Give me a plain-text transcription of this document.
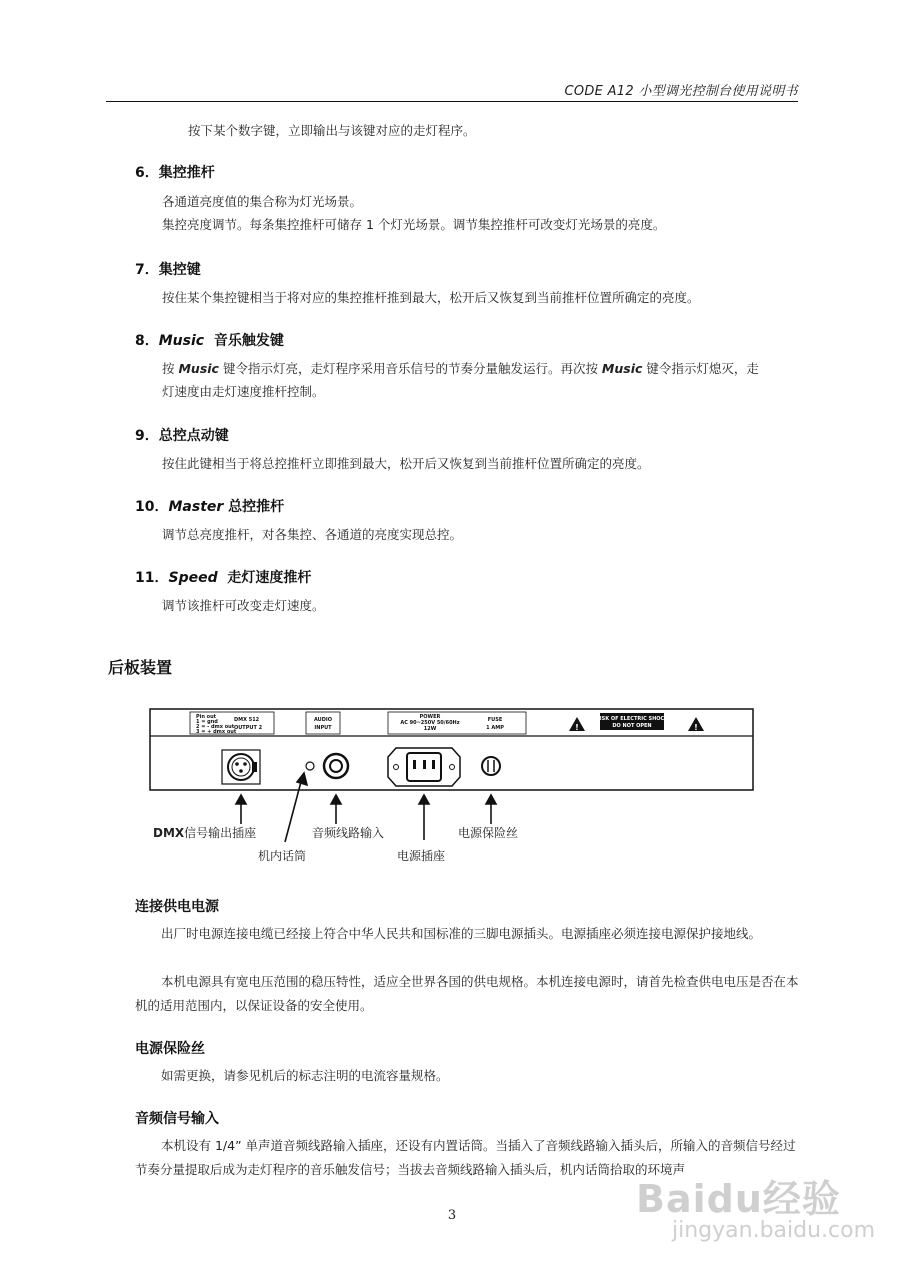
CODE A12 小型调光控制台使用说明书
按下某个数字键，立即输出与该键对应的走灯程序。
6．集控推杆
各通道亮度值的集合称为灯光场景。
集控亮度调节。每条集控推杆可储存 1 个灯光场景。调节集控推杆可改变灯光场景的亮度。
7．集控键
按住某个集控键相当于将对应的集控推杆推到最大，松开后又恢复到当前推杆位置所确定的亮度。
8．Music 音乐触发键
按 Music 键令指示灯亮，走灯程序采用音乐信号的节奏分量触发运行。再次按 Music 键令指示灯熄灭，走
灯速度由走灯速度推杆控制。
9．总控点动键
按住此键相当于将总控推杆立即推到最大，松开后又恢复到当前推杆位置所确定的亮度。
10．Master 总控推杆
调节总亮度推杆，对各集控、各通道的亮度实现总控。
11．Speed 走灯速度推杆
调节该推杆可改变走灯速度。
后板装置
Pin out
1 = gnd
2 = - dmx out
3 = + dmx out
DMX 512
OUTPUT 2
AUDIO
INPUT
POWER
AC 90~250V 50/60Hz
12W
FUSE
1 AMP	!
RISK OF ELECTRIC SHOCK
DO NOT OPEN	!
DMX信号输出插座
机内话筒
音频线路输入
电源插座
电源保险丝
连接供电电源
出厂时电源连接电缆已经接上符合中华人民共和国标准的三脚电源插头。电源插座必须连接电源保护接地线。
本机电源具有宽电压范围的稳压特性，适应全世界各国的供电规格。本机连接电源时，请首先检查供电电压是否在本机的适用范围内，以保证设备的安全使用。
电源保险丝
如需更换，请参见机后的标志注明的电流容量规格。
音频信号输入
本机设有 1/4” 单声道音频线路输入插座，还设有内置话筒。当插入了音频线路输入插头后，所输入的音频信号经过节奏分量提取后成为走灯程序的音乐触发信号；当拔去音频线路输入插头后，机内话筒拾取的环境声
3	Baidu经验
jingyan.baidu.com
